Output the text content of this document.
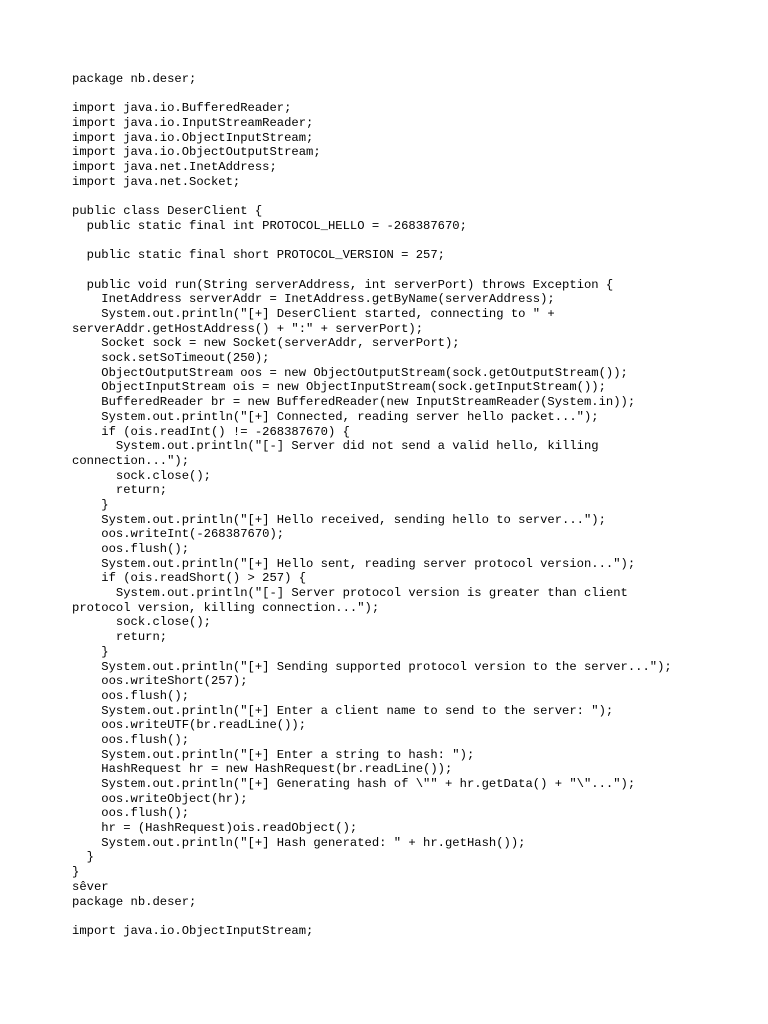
package nb.deser;
import java.io.BufferedReader;
import java.io.InputStreamReader;
import java.io.ObjectInputStream;
import java.io.ObjectOutputStream;
import java.net.InetAddress;
import java.net.Socket;
public class DeserClient {
public static final int PROTOCOL_HELLO = -268387670;
public static final short PROTOCOL_VERSION = 257;
public void run(String serverAddress, int serverPort) throws Exception {
InetAddress serverAddr = InetAddress.getByName(serverAddress);
System.out.println("[+] DeserClient started, connecting to " +
serverAddr.getHostAddress() + ":" + serverPort);
Socket sock = new Socket(serverAddr, serverPort);
sock.setSoTimeout(250);
ObjectOutputStream oos = new ObjectOutputStream(sock.getOutputStream());
ObjectInputStream ois = new ObjectInputStream(sock.getInputStream());
BufferedReader br = new BufferedReader(new InputStreamReader(System.in));
System.out.println("[+] Connected, reading server hello packet...");
if (ois.readInt() != -268387670) {
System.out.println("[-] Server did not send a valid hello, killing
connection...");
sock.close();
return;
}
System.out.println("[+] Hello received, sending hello to server...");
oos.writeInt(-268387670);
oos.flush();
System.out.println("[+] Hello sent, reading server protocol version...");
if (ois.readShort() > 257) {
System.out.println("[-] Server protocol version is greater than client
protocol version, killing connection...");
sock.close();
return;
}
System.out.println("[+] Sending supported protocol version to the server...");
oos.writeShort(257);
oos.flush();
System.out.println("[+] Enter a client name to send to the server: ");
oos.writeUTF(br.readLine());
oos.flush();
System.out.println("[+] Enter a string to hash: ");
HashRequest hr = new HashRequest(br.readLine());
System.out.println("[+] Generating hash of \"" + hr.getData() + "\"...");
oos.writeObject(hr);
oos.flush();
hr = (HashRequest)ois.readObject();
System.out.println("[+] Hash generated: " + hr.getHash());
}
}
sêver
package nb.deser;
import java.io.ObjectInputStream;
